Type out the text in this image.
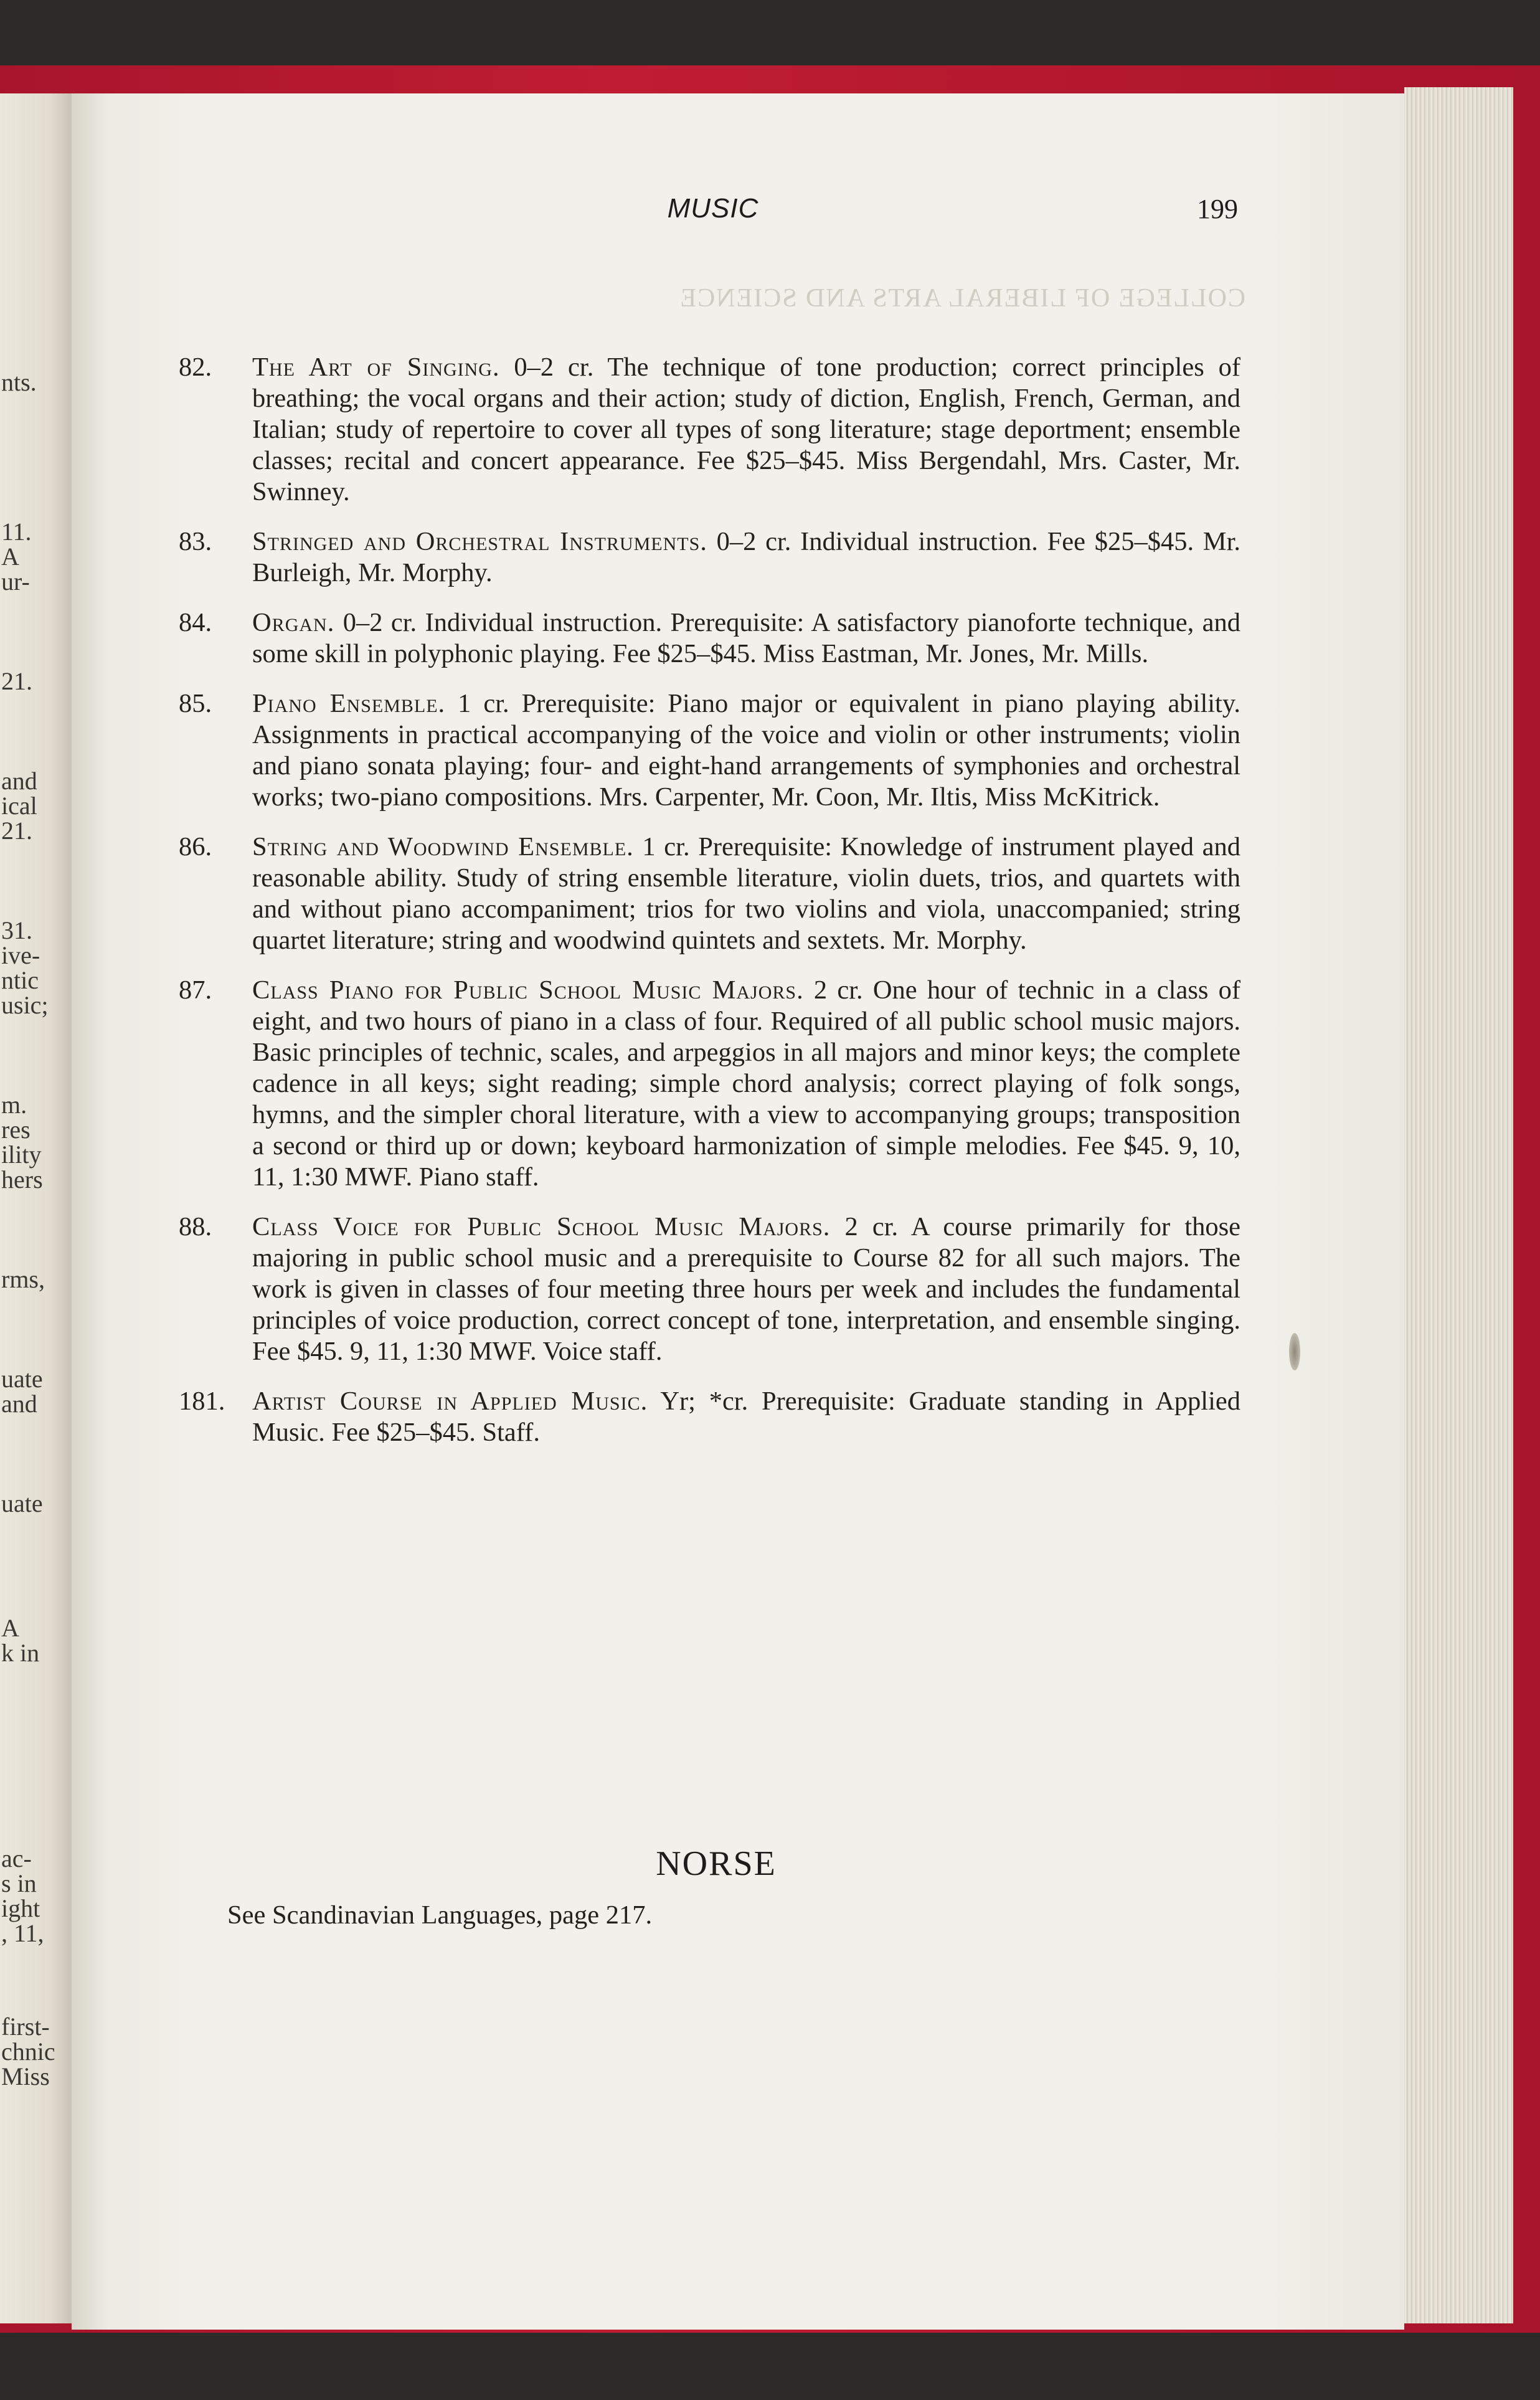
nts.
11.
A
ur-
21.
and
ical
21.
31.
ive-
ntic
usic;
m.
res
ility
hers
rms,
uate
and
uate
A
k in
ac-
s in
ight
, 11,
first-
chnic
Miss
COLLEGE OF LIBERAL ARTS AND SCIENCE
MUSIC	199
82. The Art of Singing. 0–2 cr. The technique of tone production; correct principles of breathing; the vocal organs and their action; study of diction, English, French, German, and Italian; study of repertoire to cover all types of song literature; stage deportment; ensemble classes; recital and concert appearance. Fee $25–$45. Miss Bergendahl, Mrs. Caster, Mr. Swinney.
83. Stringed and Orchestral Instruments. 0–2 cr. Individual instruction. Fee $25–$45. Mr. Burleigh, Mr. Morphy.
84. Organ. 0–2 cr. Individual instruction. Prerequisite: A satisfactory pianoforte technique, and some skill in polyphonic playing. Fee $25–$45. Miss Eastman, Mr. Jones, Mr. Mills.
85. Piano Ensemble. 1 cr. Prerequisite: Piano major or equivalent in piano playing ability. Assignments in practical accompanying of the voice and violin or other instruments; violin and piano sonata playing; four- and eight-hand arrangements of symphonies and orchestral works; two-piano compositions. Mrs. Carpenter, Mr. Coon, Mr. Iltis, Miss McKitrick.
86. String and Woodwind Ensemble. 1 cr. Prerequisite: Knowledge of instrument played and reasonable ability. Study of string ensemble literature, violin duets, trios, and quartets with and without piano accompaniment; trios for two violins and viola, unaccompanied; string quartet literature; string and woodwind quintets and sextets. Mr. Morphy.
87. Class Piano for Public School Music Majors. 2 cr. One hour of technic in a class of eight, and two hours of piano in a class of four. Required of all public school music majors. Basic principles of technic, scales, and arpeggios in all majors and minor keys; the complete cadence in all keys; sight reading; simple chord analysis; correct playing of folk songs, hymns, and the simpler choral literature, with a view to accompanying groups; transposition a second or third up or down; keyboard harmonization of simple melodies. Fee $45. 9, 10, 11, 1:30 MWF. Piano staff.
88. Class Voice for Public School Music Majors. 2 cr. A course primarily for those majoring in public school music and a prerequisite to Course 82 for all such majors. The work is given in classes of four meeting three hours per week and includes the fundamental principles of voice production, correct concept of tone, interpretation, and ensemble singing. Fee $45. 9, 11, 1:30 MWF. Voice staff.
181. Artist Course in Applied Music. Yr; *cr. Prerequisite: Graduate standing in Applied Music. Fee $25–$45. Staff.
NORSE
See Scandinavian Languages, page 217.
